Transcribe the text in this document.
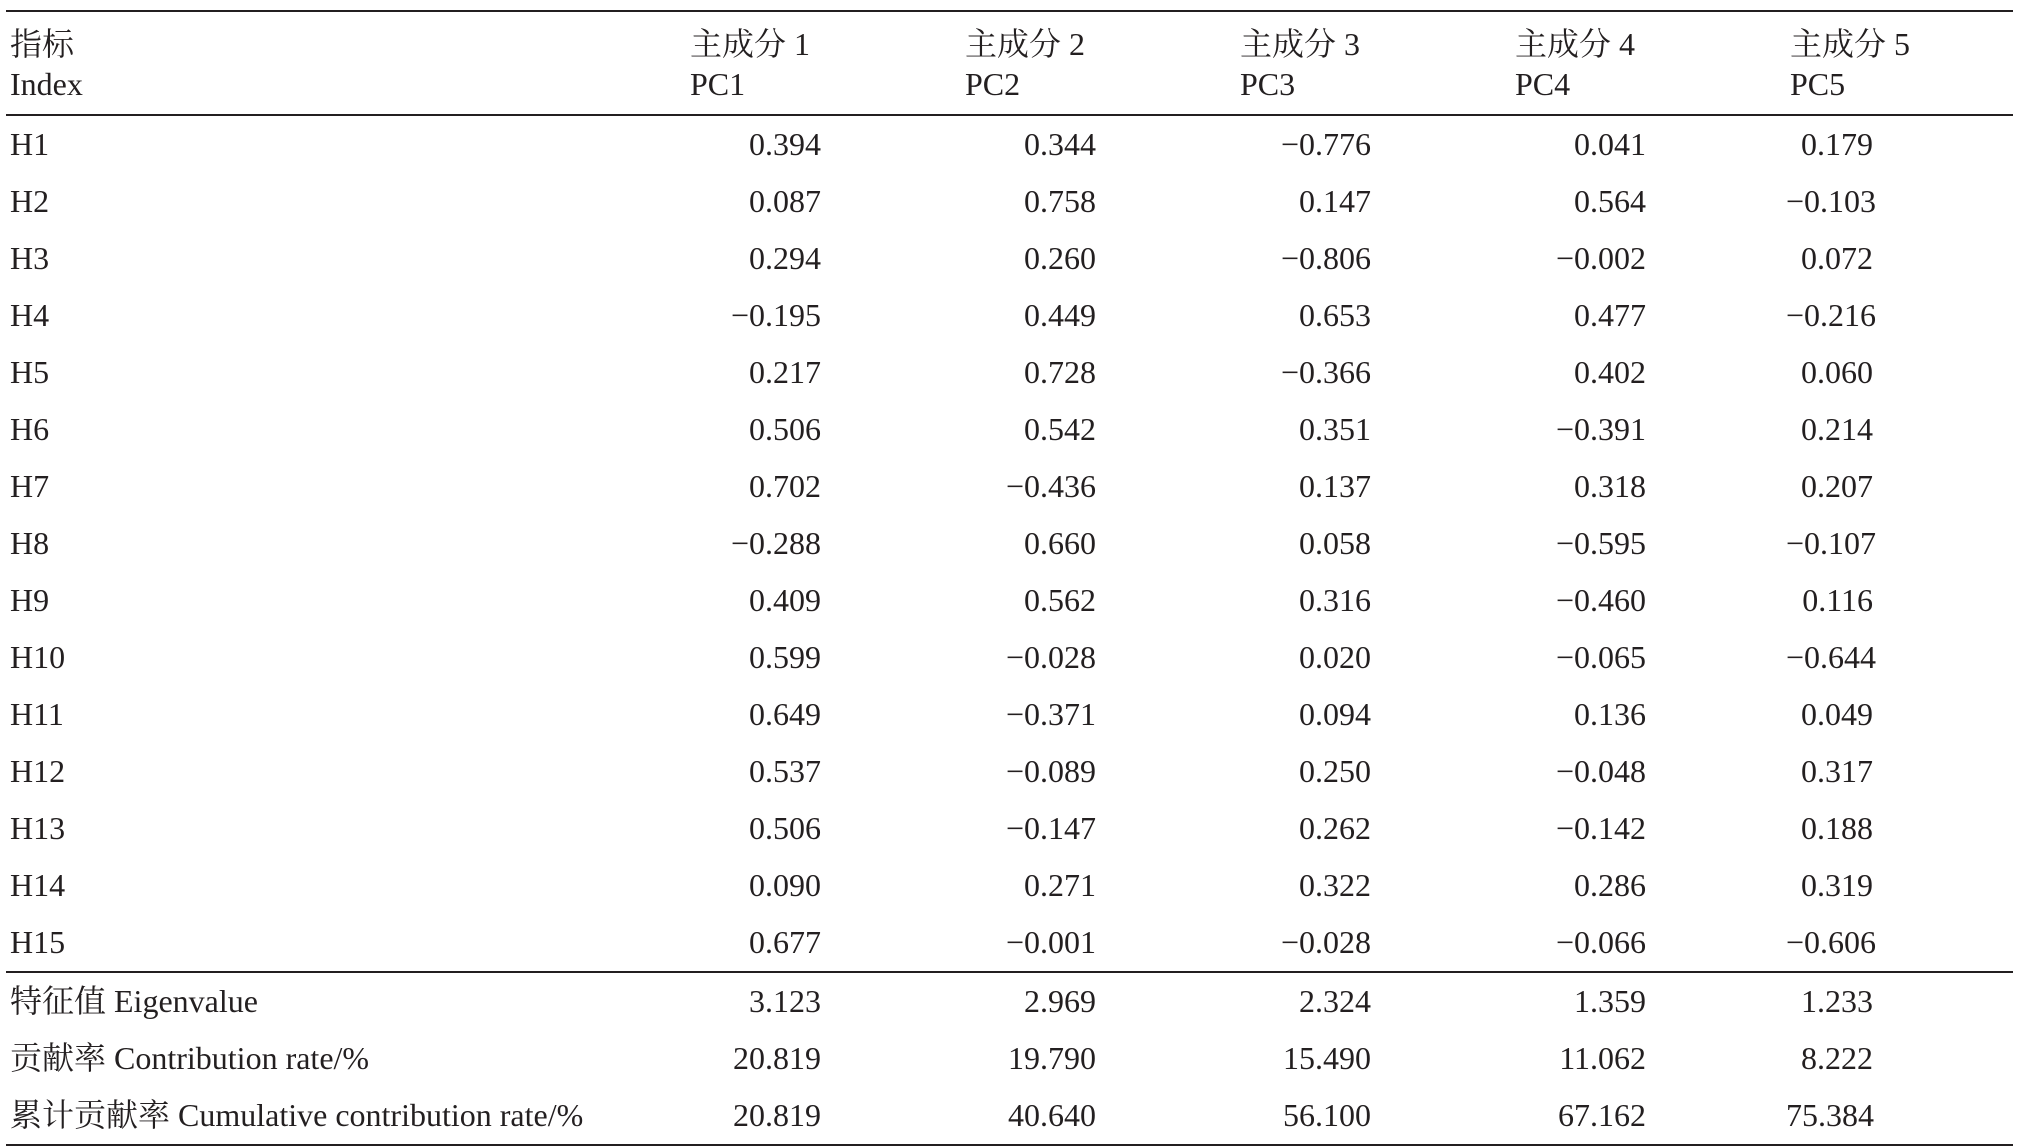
指标	主成分 1	主成分 2	主成分 3	主成分 4	主成分 5
Index	PC1	PC2	PC3	PC4	PC5
H1	0.394	0.344	−0.776	0.041	0.179
H2	0.087	0.758	0.147	0.564	−0.103
H3	0.294	0.260	−0.806	−0.002	0.072
H4	−0.195	0.449	0.653	0.477	−0.216
H5	0.217	0.728	−0.366	0.402	0.060
H6	0.506	0.542	0.351	−0.391	0.214
H7	0.702	−0.436	0.137	0.318	0.207
H8	−0.288	0.660	0.058	−0.595	−0.107
H9	0.409	0.562	0.316	−0.460	0.116
H10	0.599	−0.028	0.020	−0.065	−0.644
H11	0.649	−0.371	0.094	0.136	0.049
H12	0.537	−0.089	0.250	−0.048	0.317
H13	0.506	−0.147	0.262	−0.142	0.188
H14	0.090	0.271	0.322	0.286	0.319
H15	0.677	−0.001	−0.028	−0.066	−0.606
特征值 Eigenvalue	3.123	2.969	2.324	1.359	1.233
贡献率 Contribution rate/%	20.819	19.790	15.490	11.062	8.222
累计贡献率 Cumulative contribution rate/%	20.819	40.640	56.100	67.162	75.384
